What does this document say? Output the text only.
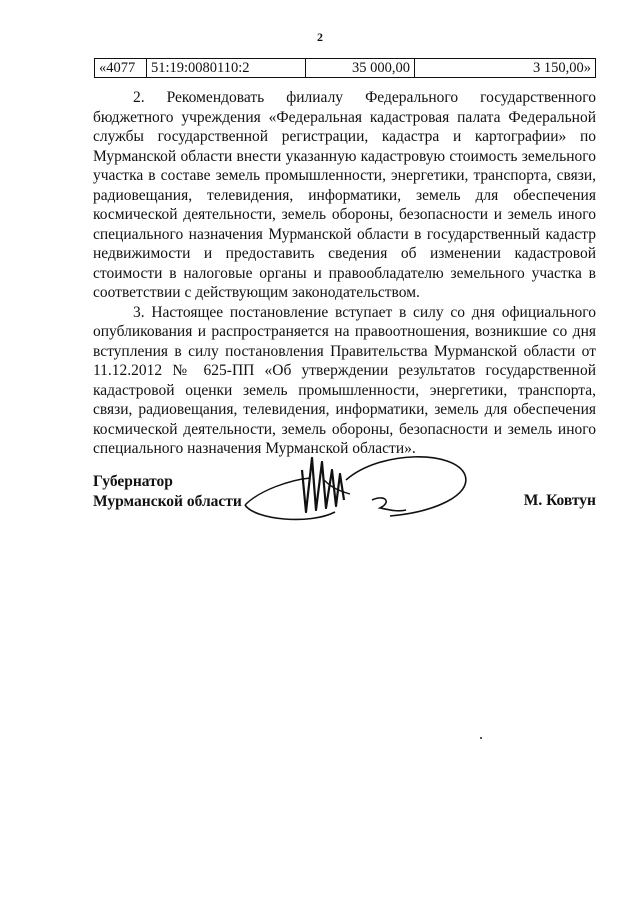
2
«4077	51:19:0080110:2	35 000,00	3 150,00»

2. Рекомендовать филиалу Федерального государственного бюджетного учреждения «Федеральная кадастровая палата Федеральной службы государственной регистрации, кадастра и картографии» по Мурманской области внести указанную кадастровую стоимость земельного участка в составе земель промышленности, энергетики, транспорта, связи, радиовещания, телевидения, информатики, земель для обеспечения космической деятельности, земель обороны, безопасности и земель иного специального назначения Мурманской области в государственный кадастр недвижимости и предоставить сведения об изменении кадастровой стоимости в налоговые органы и правообладателю земельного участка в соответствии с действующим законодательством.

3. Настоящее постановление вступает в силу со дня официального опубликования и распространяется на правоотношения, возникшие со дня вступления в силу постановления Правительства Мурманской области от 11.12.2012 № 625-ПП «Об утверждении результатов государственной кадастровой оценки земель промышленности, энергетики, транспорта, связи, радиовещания, телевидения, информатики, земель для обеспечения космической деятельности, земель обороны, безопасности и земель иного специального назначения Мурманской области».

Губернатор
Мурманской области	М. Ковтун
